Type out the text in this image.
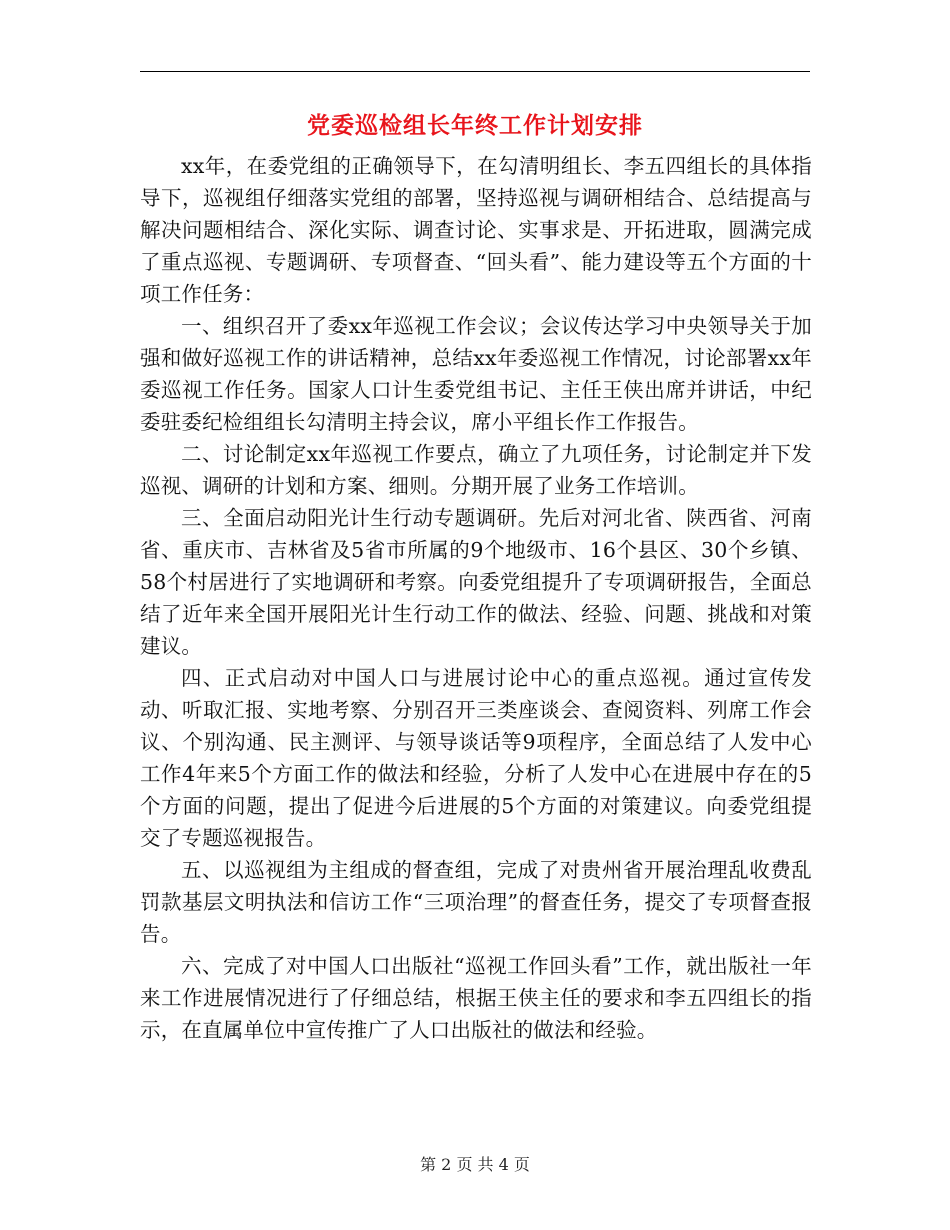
党委巡检组长年终工作计划安排

xx年，在委党组的正确领导下，在勾清明组长、李五四组长的具体指导下，巡视组仔细落实党组的部署，坚持巡视与调研相结合、总结提高与解决问题相结合、深化实际、调查讨论、实事求是、开拓进取，圆满完成了重点巡视、专题调研、专项督查、“回头看”、能力建设等五个方面的十项工作任务：

一、组织召开了委xx年巡视工作会议；会议传达学习中央领导关于加强和做好巡视工作的讲话精神，总结xx年委巡视工作情况，讨论部署xx年委巡视工作任务。国家人口计生委党组书记、主任王侠出席并讲话，中纪委驻委纪检组组长勾清明主持会议，席小平组长作工作报告。

二、讨论制定xx年巡视工作要点，确立了九项任务，讨论制定并下发巡视、调研的计划和方案、细则。分期开展了业务工作培训。

三、全面启动阳光计生行动专题调研。先后对河北省、陕西省、河南省、重庆市、吉林省及5省市所属的9个地级市、16个县区、30个乡镇、58个村居进行了实地调研和考察。向委党组提升了专项调研报告，全面总结了近年来全国开展阳光计生行动工作的做法、经验、问题、挑战和对策建议。

四、正式启动对中国人口与进展讨论中心的重点巡视。通过宣传发动、听取汇报、实地考察、分别召开三类座谈会、查阅资料、列席工作会议、个别沟通、民主测评、与领导谈话等9项程序，全面总结了人发中心工作4年来5个方面工作的做法和经验，分析了人发中心在进展中存在的5个方面的问题，提出了促进今后进展的5个方面的对策建议。向委党组提交了专题巡视报告。

五、以巡视组为主组成的督查组，完成了对贵州省开展治理乱收费乱罚款基层文明执法和信访工作“三项治理”的督查任务，提交了专项督查报告。

六、完成了对中国人口出版社“巡视工作回头看”工作，就出版社一年来工作进展情况进行了仔细总结，根据王侠主任的要求和李五四组长的指示，在直属单位中宣传推广了人口出版社的做法和经验。

第 2 页 共 4 页
